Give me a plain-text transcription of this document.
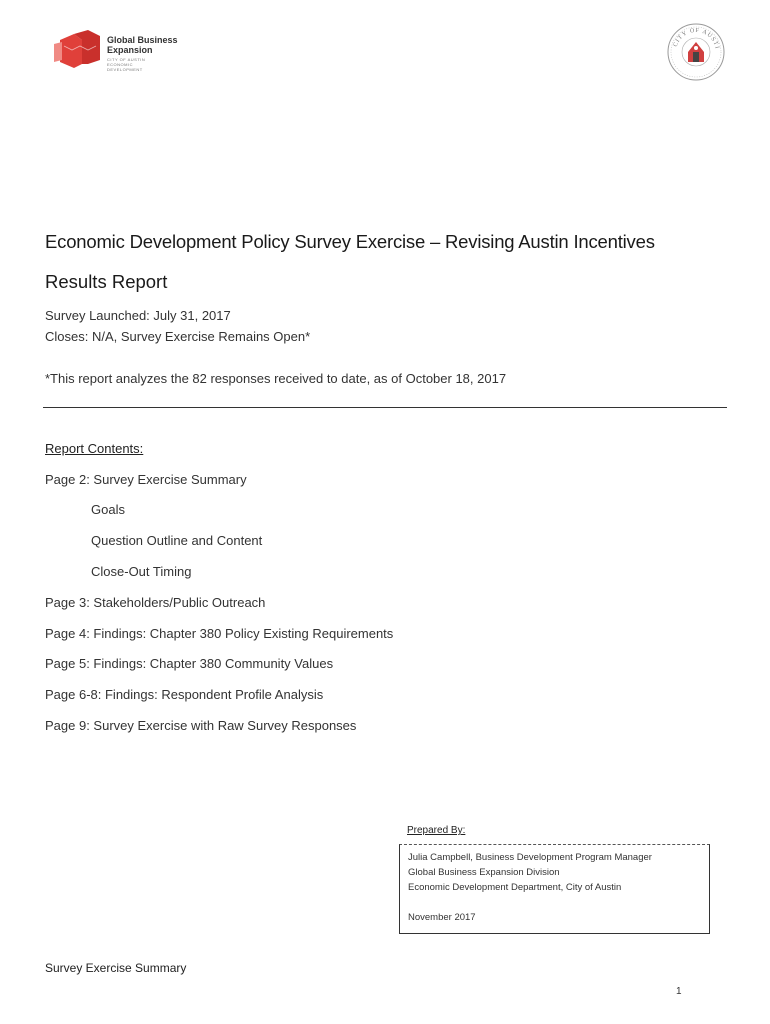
Global Business Expansion
CITY OF AUSTIN ECONOMIC DEVELOPMENT
CITY OF AUSTI
Economic Development Policy Survey Exercise – Revising Austin Incentives
Results Report
Survey Launched: July 31, 2017
Closes: N/A, Survey Exercise Remains Open*
*This report analyzes the 82 responses received to date, as of October 18, 2017
Report Contents:
Page 2: Survey Exercise Summary
Goals
Question Outline and Content
Close-Out Timing
Page 3: Stakeholders/Public Outreach
Page 4: Findings: Chapter 380 Policy Existing Requirements
Page 5: Findings: Chapter 380 Community Values
Page 6-8: Findings: Respondent Profile Analysis
Page 9: Survey Exercise with Raw Survey Responses
Prepared By:
Julia Campbell, Business Development Program Manager
Global Business Expansion Division
Economic Development Department, City of Austin
November 2017
Survey Exercise Summary
1
